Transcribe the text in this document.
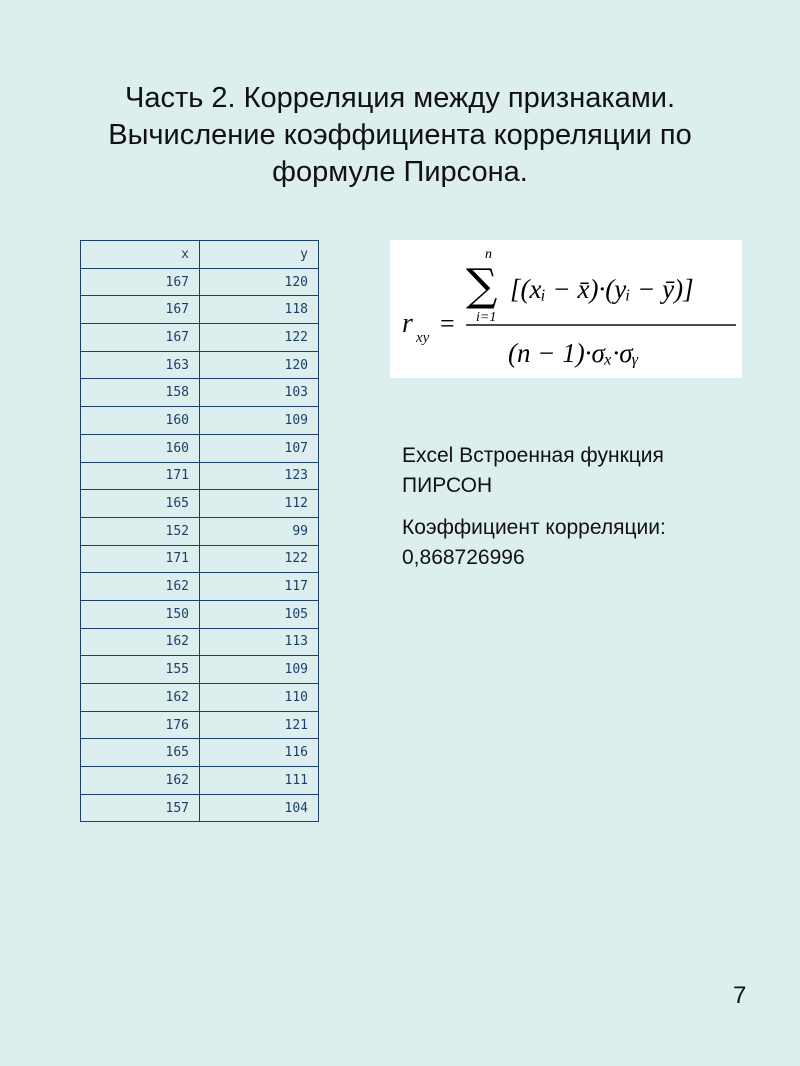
Часть 2. Корреляция между признаками.
Вычисление коэффициента корреляции по
формуле Пирсона.
x	y
167	120
167	118
167	122
163	120
158	103
160	109
160	107
171	123
165	112
152	99
171	122
162	117
150	105
162	113
155	109
162	110
176	121
165	116
162	111
157	104
r xy =
n
∑
i=1
[(xᵢ − x̄)·(yᵢ − ȳ)]
(n − 1)·σₓ·σᵧ
Excel Встроенная функция
ПИРСОН
Коэффициент корреляции:
0,868726996
7
